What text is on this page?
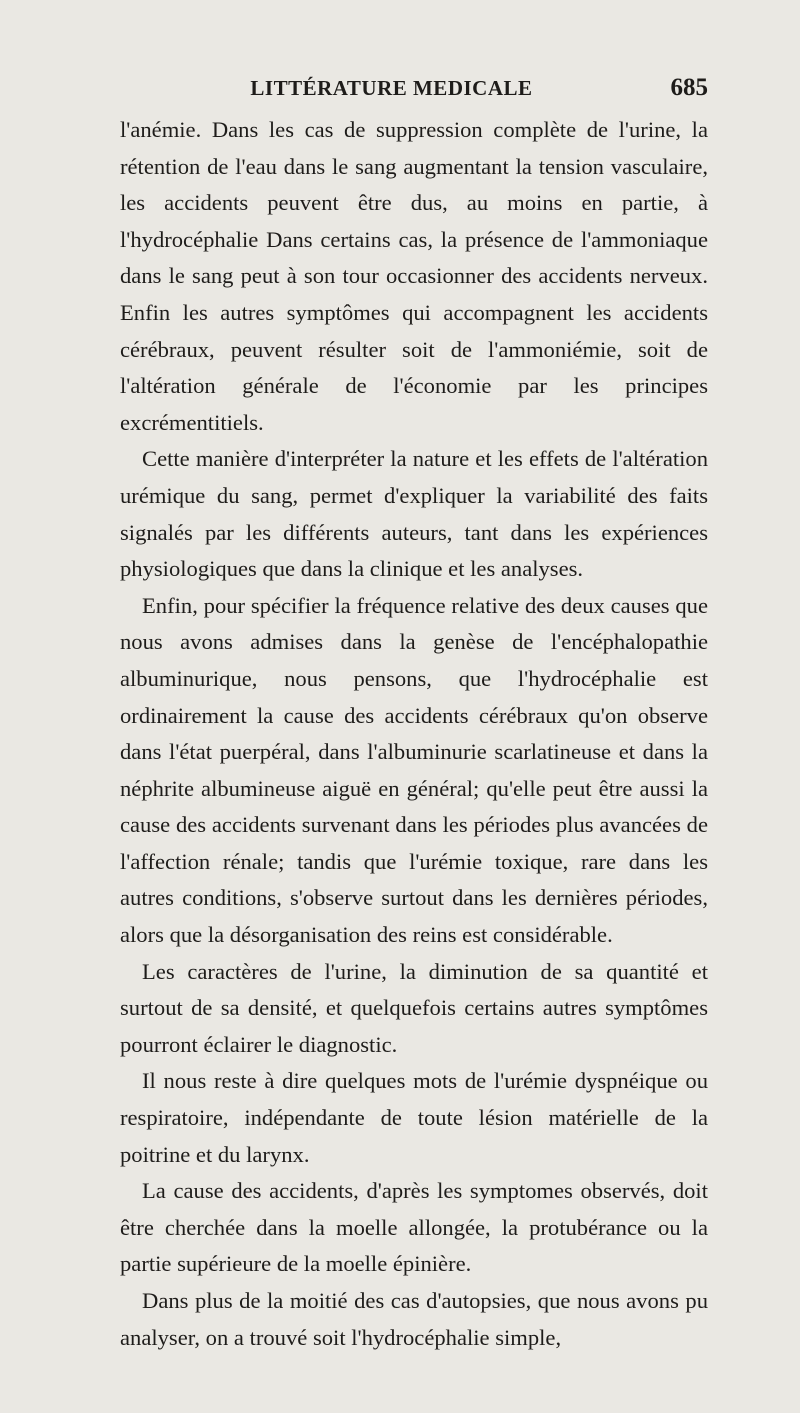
LITTÉRATURE MEDICALE	685

l'anémie. Dans les cas de suppression complète de l'urine, la rétention de l'eau dans le sang augmentant la tension vasculaire, les accidents peuvent être dus, au moins en partie, à l'hydrocéphalie Dans certains cas, la présence de l'ammoniaque dans le sang peut à son tour occasionner des accidents nerveux. Enfin les autres symptômes qui accompagnent les accidents cérébraux, peuvent résulter soit de l'ammoniémie, soit de l'altération générale de l'économie par les principes excrémentitiels.

Cette manière d'interpréter la nature et les effets de l'altération urémique du sang, permet d'expliquer la variabilité des faits signalés par les différents auteurs, tant dans les expériences physiologiques que dans la clinique et les analyses.

Enfin, pour spécifier la fréquence relative des deux causes que nous avons admises dans la genèse de l'encéphalopathie albuminurique, nous pensons, que l'hydrocéphalie est ordinairement la cause des accidents cérébraux qu'on observe dans l'état puerpéral, dans l'albuminurie scarlatineuse et dans la néphrite albumineuse aiguë en général; qu'elle peut être aussi la cause des accidents survenant dans les périodes plus avancées de l'affection rénale; tandis que l'urémie toxique, rare dans les autres conditions, s'observe surtout dans les dernières périodes, alors que la désorganisation des reins est considérable.

Les caractères de l'urine, la diminution de sa quantité et surtout de sa densité, et quelquefois certains autres symptômes pourront éclairer le diagnostic.

Il nous reste à dire quelques mots de l'urémie dyspnéique ou respiratoire, indépendante de toute lésion matérielle de la poitrine et du larynx.

La cause des accidents, d'après les symptomes observés, doit être cherchée dans la moelle allongée, la protubérance ou la partie supérieure de la moelle épinière.

Dans plus de la moitié des cas d'autopsies, que nous avons pu analyser, on a trouvé soit l'hydrocéphalie simple,
